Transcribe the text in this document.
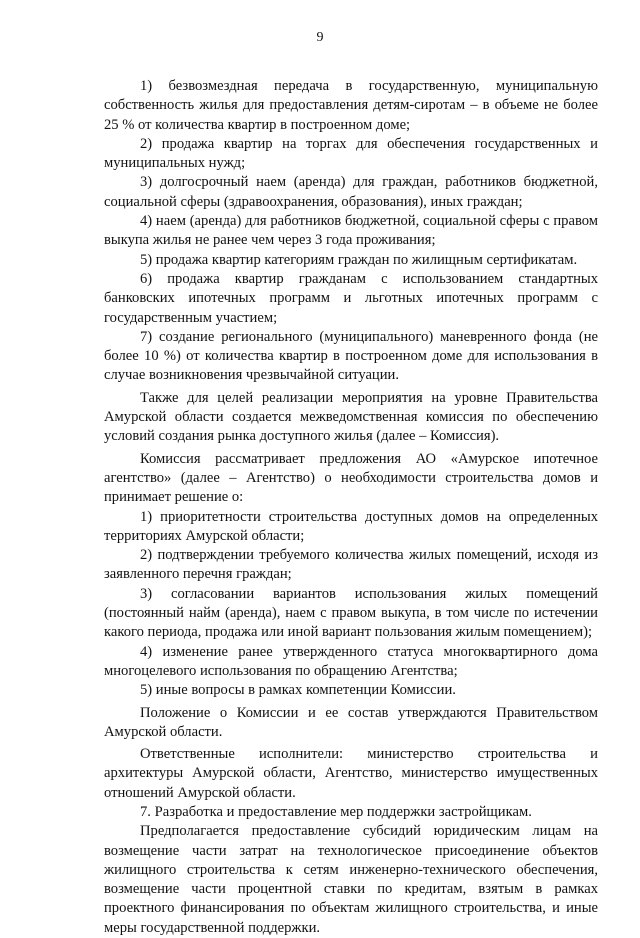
9

1) безвозмездная передача в государственную, муниципальную собственность жилья для предоставления детям-сиротам – в объеме не более 25 % от количества квартир в построенном доме;

2) продажа квартир на торгах для обеспечения государственных и муниципальных нужд;

3) долгосрочный наем (аренда) для граждан, работников бюджетной, социальной сферы (здравоохранения, образования), иных граждан;

4) наем (аренда) для работников бюджетной, социальной сферы с правом выкупа жилья не ранее чем через 3 года проживания;

5) продажа квартир категориям граждан по жилищным сертификатам.

6) продажа квартир гражданам с использованием стандартных банковских ипотечных программ и льготных ипотечных программ с государственным участием;

7) создание регионального (муниципального) маневренного фонда (не более 10 %) от количества квартир в построенном доме для использования в случае возникновения чрезвычайной ситуации.

Также для целей реализации мероприятия на уровне Правительства Амурской области создается межведомственная комиссия по обеспечению условий создания рынка доступного жилья (далее – Комиссия).

Комиссия рассматривает предложения АО «Амурское ипотечное агентство» (далее – Агентство) о необходимости строительства домов и принимает решение о:

1) приоритетности строительства доступных домов на определенных территориях Амурской области;

2) подтверждении требуемого количества жилых помещений, исходя из заявленного перечня граждан;

3) согласовании вариантов использования жилых помещений (постоянный найм (аренда), наем с правом выкупа, в том числе по истечении какого периода, продажа или иной вариант пользования жилым помещением);

4) изменение ранее утвержденного статуса многоквартирного дома многоцелевого использования по обращению Агентства;

5) иные вопросы в рамках компетенции Комиссии.

Положение о Комиссии и ее состав утверждаются Правительством Амурской области.

Ответственные исполнители: министерство строительства и архитектуры Амурской области, Агентство, министерство имущественных отношений Амурской области.

7. Разработка и предоставление мер поддержки застройщикам.

Предполагается предоставление субсидий юридическим лицам на возмещение части затрат на технологическое присоединение объектов жилищного строительства к сетям инженерно-технического обеспечения, возмещение части процентной ставки по кредитам, взятым в рамках проектного финансирования по объектам жилищного строительства, и иные меры государственной поддержки.
